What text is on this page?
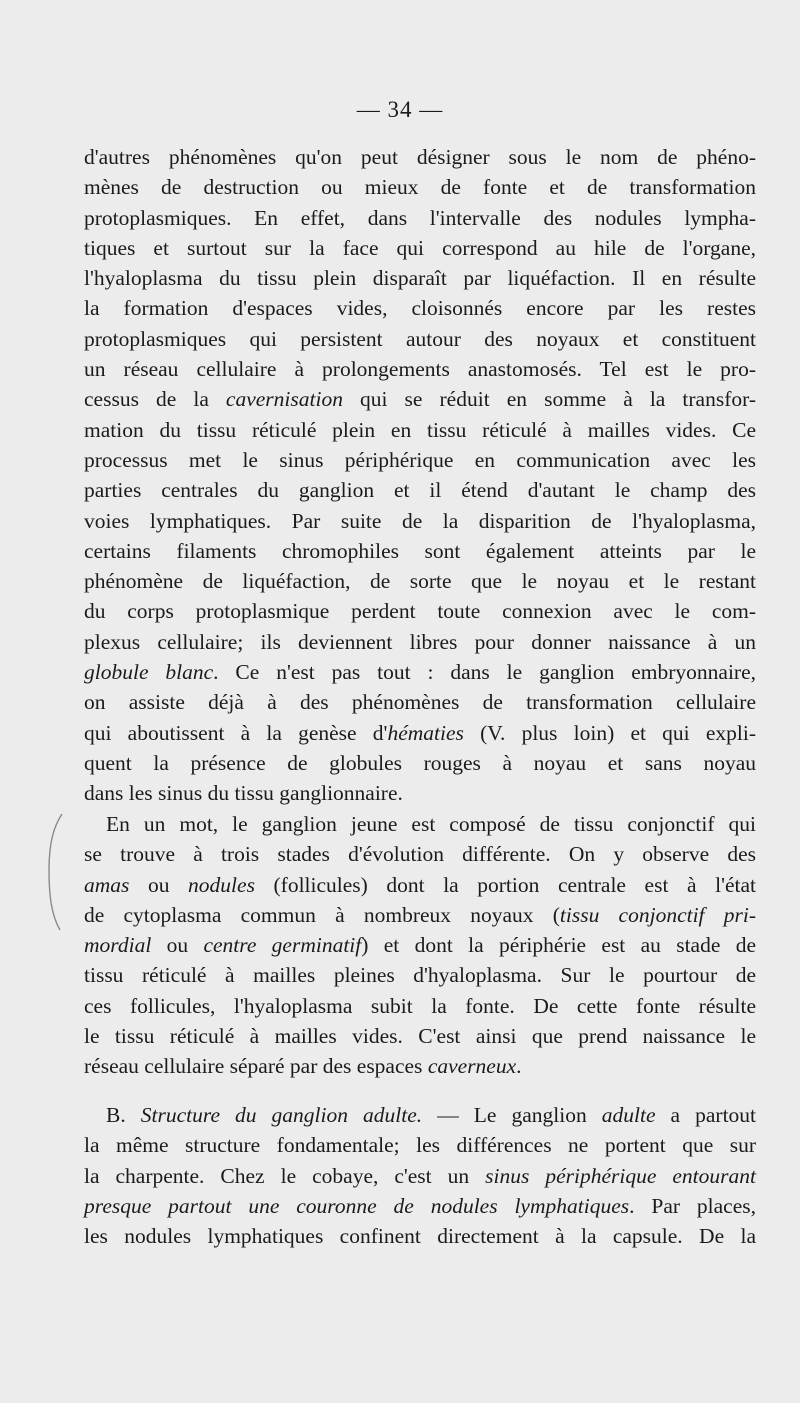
— 34 —
d'autres phénomènes qu'on peut désigner sous le nom de phéno-
mènes de destruction ou mieux de fonte et de transformation
protoplasmiques. En effet, dans l'intervalle des nodules lympha-
tiques et surtout sur la face qui correspond au hile de l'organe,
l'hyaloplasma du tissu plein disparaît par liquéfaction. Il en résulte
la formation d'espaces vides, cloisonnés encore par les restes
protoplasmiques qui persistent autour des noyaux et constituent
un réseau cellulaire à prolongements anastomosés. Tel est le pro-
cessus de la cavernisation qui se réduit en somme à la transfor-
mation du tissu réticulé plein en tissu réticulé à mailles vides. Ce
processus met le sinus périphérique en communication avec les
parties centrales du ganglion et il étend d'autant le champ des
voies lymphatiques. Par suite de la disparition de l'hyaloplasma,
certains filaments chromophiles sont également atteints par le
phénomène de liquéfaction, de sorte que le noyau et le restant
du corps protoplasmique perdent toute connexion avec le com-
plexus cellulaire; ils deviennent libres pour donner naissance à un
globule blanc. Ce n'est pas tout : dans le ganglion embryonnaire,
on assiste déjà à des phénomènes de transformation cellulaire
qui aboutissent à la genèse d'hématies (V. plus loin) et qui expli-
quent la présence de globules rouges à noyau et sans noyau
dans les sinus du tissu ganglionnaire.
En un mot, le ganglion jeune est composé de tissu conjonctif qui
se trouve à trois stades d'évolution différente. On y observe des
amas ou nodules (follicules) dont la portion centrale est à l'état
de cytoplasma commun à nombreux noyaux (tissu conjonctif pri-
mordial ou centre germinatif) et dont la périphérie est au stade de
tissu réticulé à mailles pleines d'hyaloplasma. Sur le pourtour de
ces follicules, l'hyaloplasma subit la fonte. De cette fonte résulte
le tissu réticulé à mailles vides. C'est ainsi que prend naissance le
réseau cellulaire séparé par des espaces caverneux.
B. Structure du ganglion adulte. — Le ganglion adulte a partout
la même structure fondamentale; les différences ne portent que sur
la charpente. Chez le cobaye, c'est un sinus périphérique entourant
presque partout une couronne de nodules lymphatiques. Par places,
les nodules lymphatiques confinent directement à la capsule. De la
